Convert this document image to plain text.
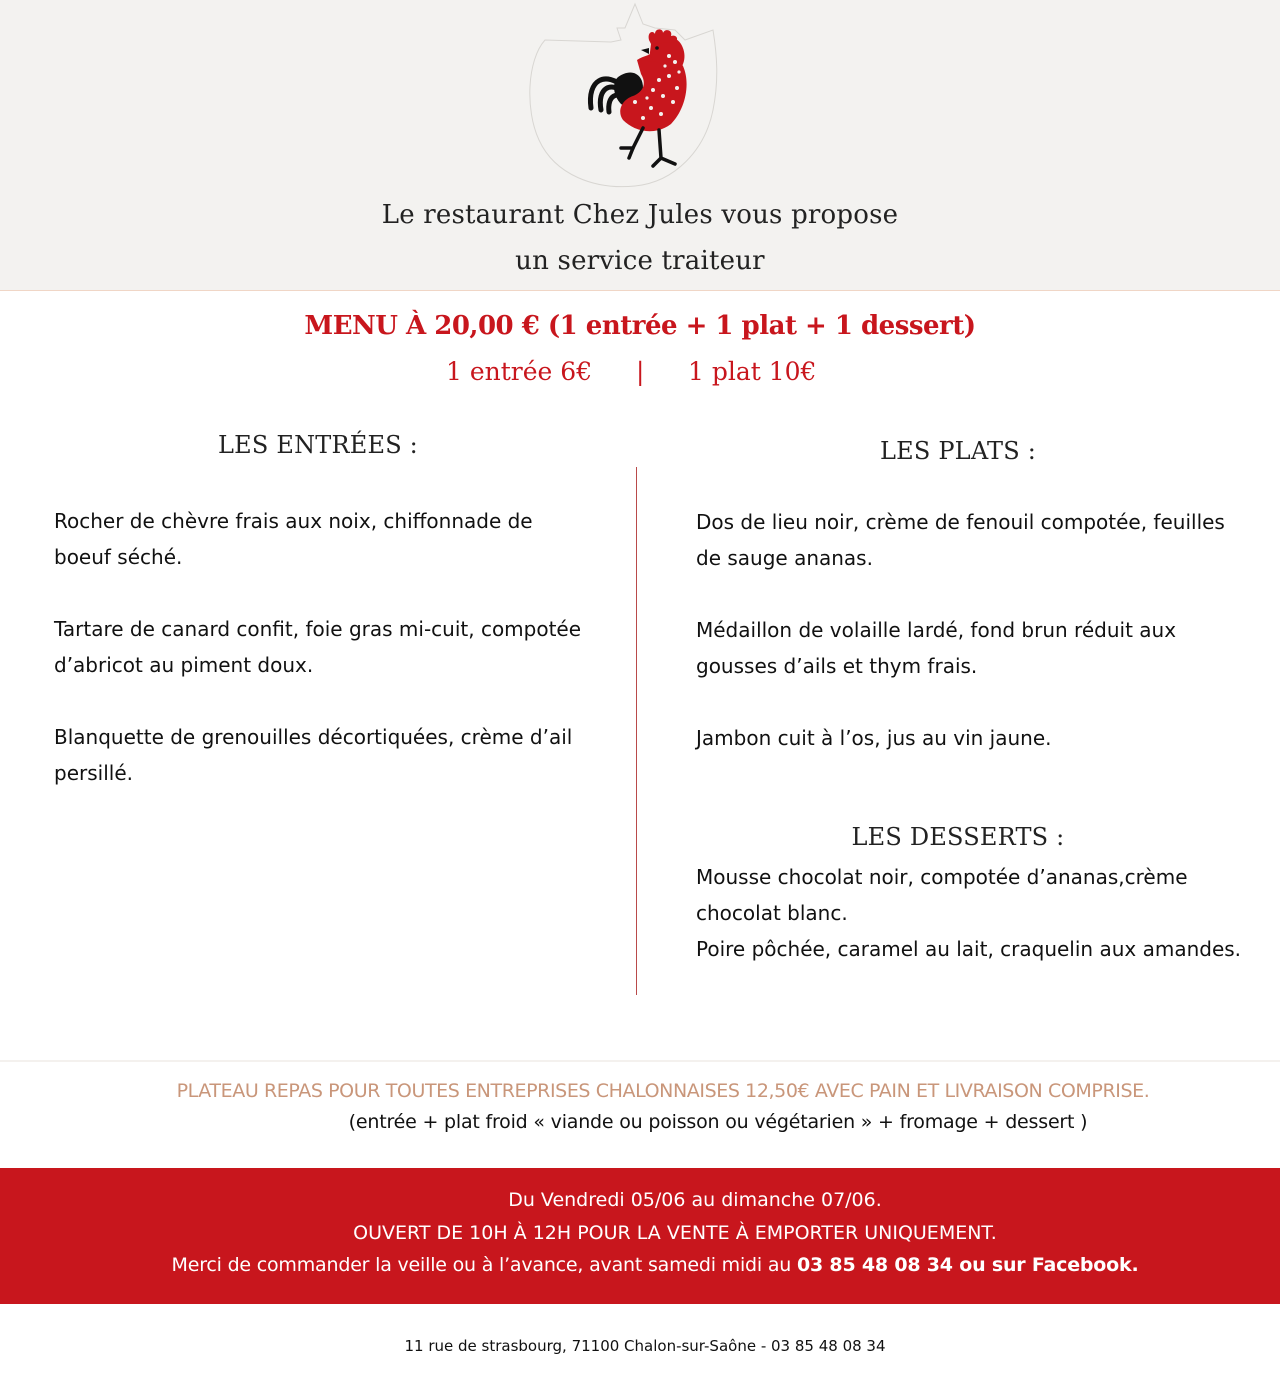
Le restaurant Chez Jules vous propose
un service traiteur
MENU À 20,00 € (1 entrée + 1 plat + 1 dessert)
1 entrée 6€ | 1 plat 10€
LES ENTRÉES :	LES PLATS :
Rocher de chèvre frais aux noix, chiffonnade de boeuf séché.
Tartare de canard confit, foie gras mi-cuit, compotée d’abricot au piment doux.
Blanquette de grenouilles décortiquées, crème d’ail persillé.
Dos de lieu noir, crème de fenouil compotée, feuilles de sauge ananas.
Médaillon de volaille lardé, fond brun réduit aux gousses d’ails et thym frais.
Jambon cuit à l’os, jus au vin jaune.
LES DESSERTS :
Mousse chocolat noir, compotée d’ananas,crème chocolat blanc.
Poire pôchée, caramel au lait, craquelin aux amandes.
PLATEAU REPAS POUR TOUTES ENTREPRISES CHALONNAISES 12,50€ AVEC PAIN ET LIVRAISON COMPRISE.
(entrée + plat froid « viande ou poisson ou végétarien » + fromage + dessert )
Du Vendredi 05/06 au dimanche 07/06.
OUVERT DE 10H À 12H POUR LA VENTE À EMPORTER UNIQUEMENT.
Merci de commander la veille ou à l’avance, avant samedi midi au 03 85 48 08 34 ou sur Facebook.
11 rue de strasbourg, 71100 Chalon-sur-Saône - 03 85 48 08 34
